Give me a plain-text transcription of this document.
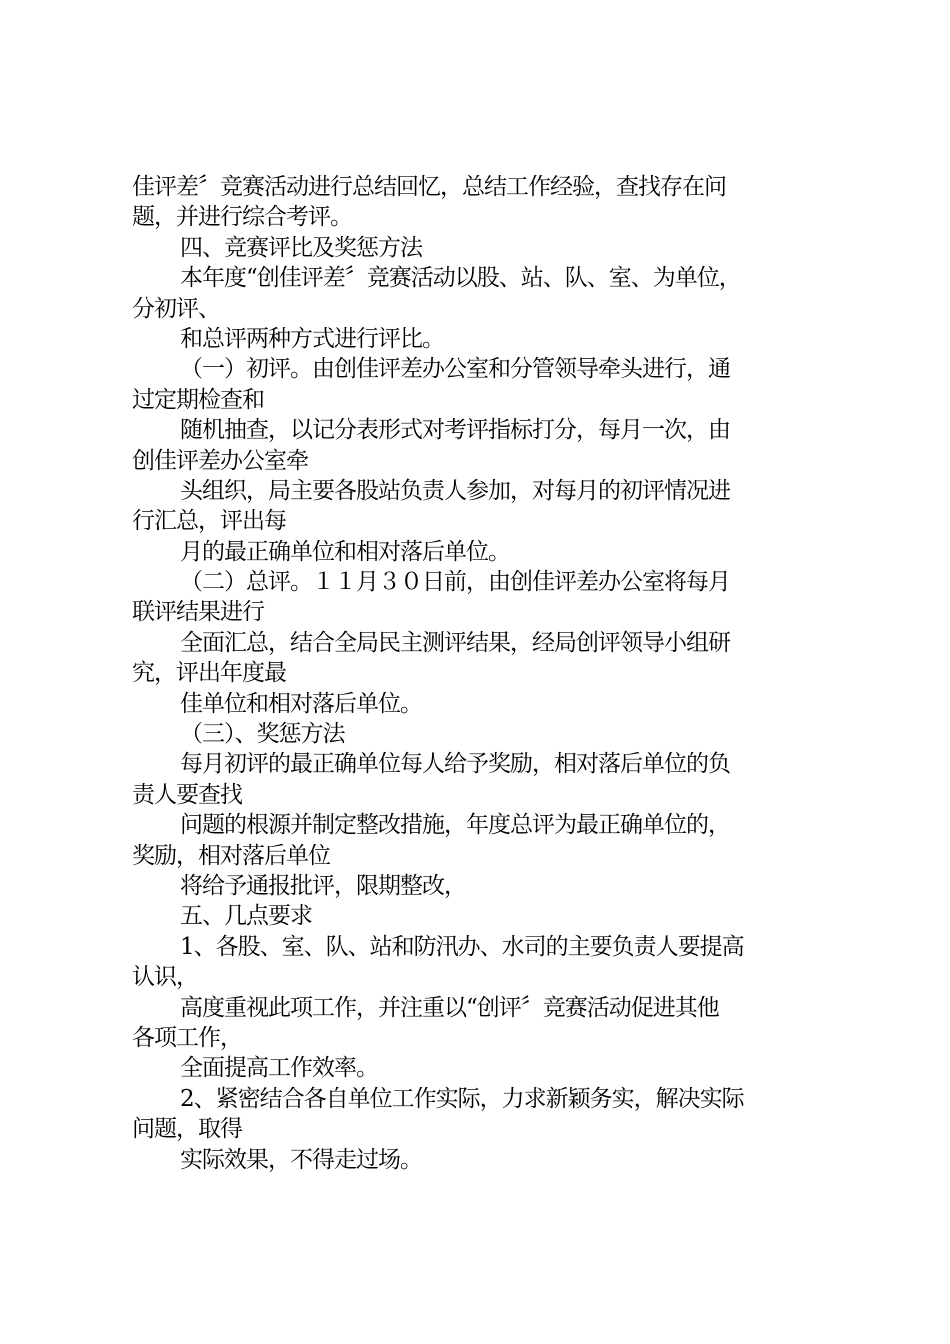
佳评差〞竞赛活动进行总结回忆，总结工作经验，查找存在问
题，并进行综合考评。
四、竞赛评比及奖惩方法
本年度“创佳评差〞竞赛活动以股、站、队、室、为单位，
分初评、
和总评两种方式进行评比。
（一）初评。由创佳评差办公室和分管领导牵头进行，通
过定期检查和
随机抽查，以记分表形式对考评指标打分，每月一次，由
创佳评差办公室牵
头组织，局主要各股站负责人参加，对每月的初评情况进
行汇总，评出每
月的最正确单位和相对落后单位。
（二）总评。１１月３０日前，由创佳评差办公室将每月
联评结果进行
全面汇总，结合全局民主测评结果，经局创评领导小组研
究，评出年度最
佳单位和相对落后单位。
（三）、奖惩方法
每月初评的最正确单位每人给予奖励，相对落后单位的负
责人要查找
问题的根源并制定整改措施，年度总评为最正确单位的，
奖励，相对落后单位
将给予通报批评，限期整改，
五、几点要求
1、各股、室、队、站和防汛办、水司的主要负责人要提高
认识，
高度重视此项工作，并注重以“创评〞竞赛活动促进其他
各项工作，
全面提高工作效率。
2、紧密结合各自单位工作实际，力求新颖务实，解决实际
问题，取得
实际效果，不得走过场。
